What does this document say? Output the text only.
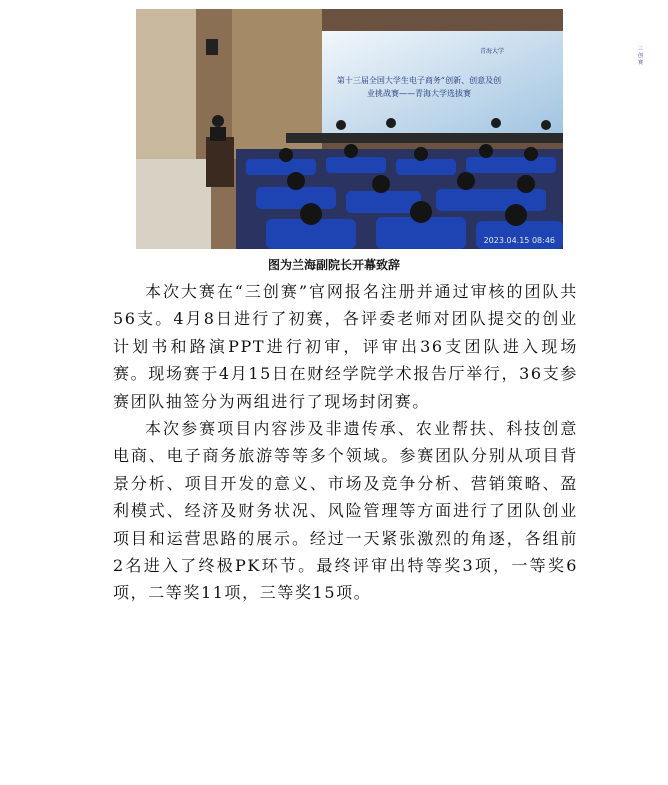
青海大学	三创赛
第十三届全国大学生电子商务“创新、创意及创业挑战赛——青海大学选拔赛
2023.04.15 08:46
图为兰海副院长开幕致辞

本次大赛在“三创赛”官网报名注册并通过审核的团队共56支。4月8日进行了初赛，各评委老师对团队提交的创业计划书和路演PPT进行初审，评审出36支团队进入现场赛。现场赛于4月15日在财经学院学术报告厅举行，36支参赛团队抽签分为两组进行了现场封闭赛。

本次参赛项目内容涉及非遗传承、农业帮扶、科技创意电商、电子商务旅游等等多个领域。参赛团队分别从项目背景分析、项目开发的意义、市场及竞争分析、营销策略、盈利模式、经济及财务状况、风险管理等方面进行了团队创业项目和运营思路的展示。经过一天紧张激烈的角逐，各组前2名进入了终极PK环节。最终评审出特等奖3项，一等奖6项，二等奖11项，三等奖15项。
